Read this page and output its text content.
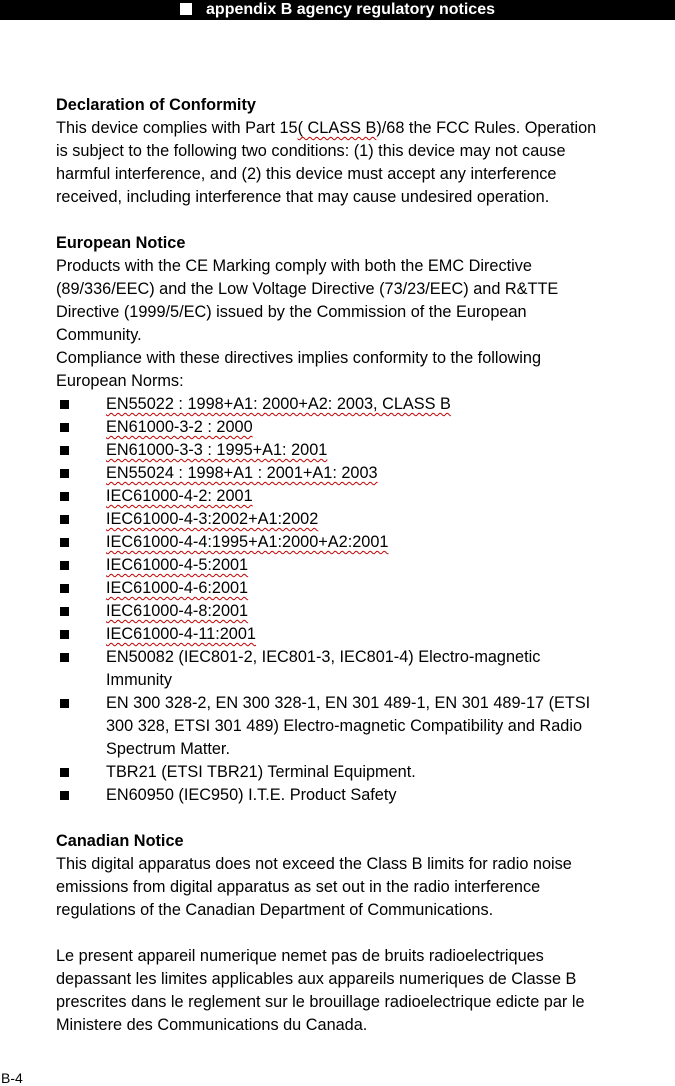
appendix B agency regulatory notices
Declaration of Conformity
This device complies with Part 15( CLASS B)/68 the FCC Rules. Operation
is subject to the following two conditions: (1) this device may not cause
harmful interference, and (2) this device must accept any interference
received, including interference that may cause undesired operation.
European Notice
Products with the CE Marking comply with both the EMC Directive
(89/336/EEC) and the Low Voltage Directive (73/23/EEC) and R&TTE
Directive (1999/5/EC) issued by the Commission of the European
Community.
Compliance with these directives implies conformity to the following
European Norms:
EN55022 : 1998+A1: 2000+A2: 2003, CLASS B
EN61000-3-2 : 2000
EN61000-3-3 : 1995+A1: 2001
EN55024 : 1998+A1 : 2001+A1: 2003
IEC61000-4-2: 2001
IEC61000-4-3:2002+A1:2002
IEC61000-4-4:1995+A1:2000+A2:2001
IEC61000-4-5:2001
IEC61000-4-6:2001
IEC61000-4-8:2001
IEC61000-4-11:2001
EN50082 (IEC801-2, IEC801-3, IEC801-4) Electro-magnetic
Immunity
EN 300 328-2, EN 300 328-1, EN 301 489-1, EN 301 489-17 (ETSI
300 328, ETSI 301 489) Electro-magnetic Compatibility and Radio
Spectrum Matter.
TBR21 (ETSI TBR21) Terminal Equipment.
EN60950 (IEC950) I.T.E. Product Safety
Canadian Notice
This digital apparatus does not exceed the Class B limits for radio noise
emissions from digital apparatus as set out in the radio interference
regulations of the Canadian Department of Communications.
Le present appareil numerique nemet pas de bruits radioelectriques
depassant les limites applicables aux appareils numeriques de Classe B
prescrites dans le reglement sur le brouillage radioelectrique edicte par le
Ministere des Communications du Canada.
B-4
